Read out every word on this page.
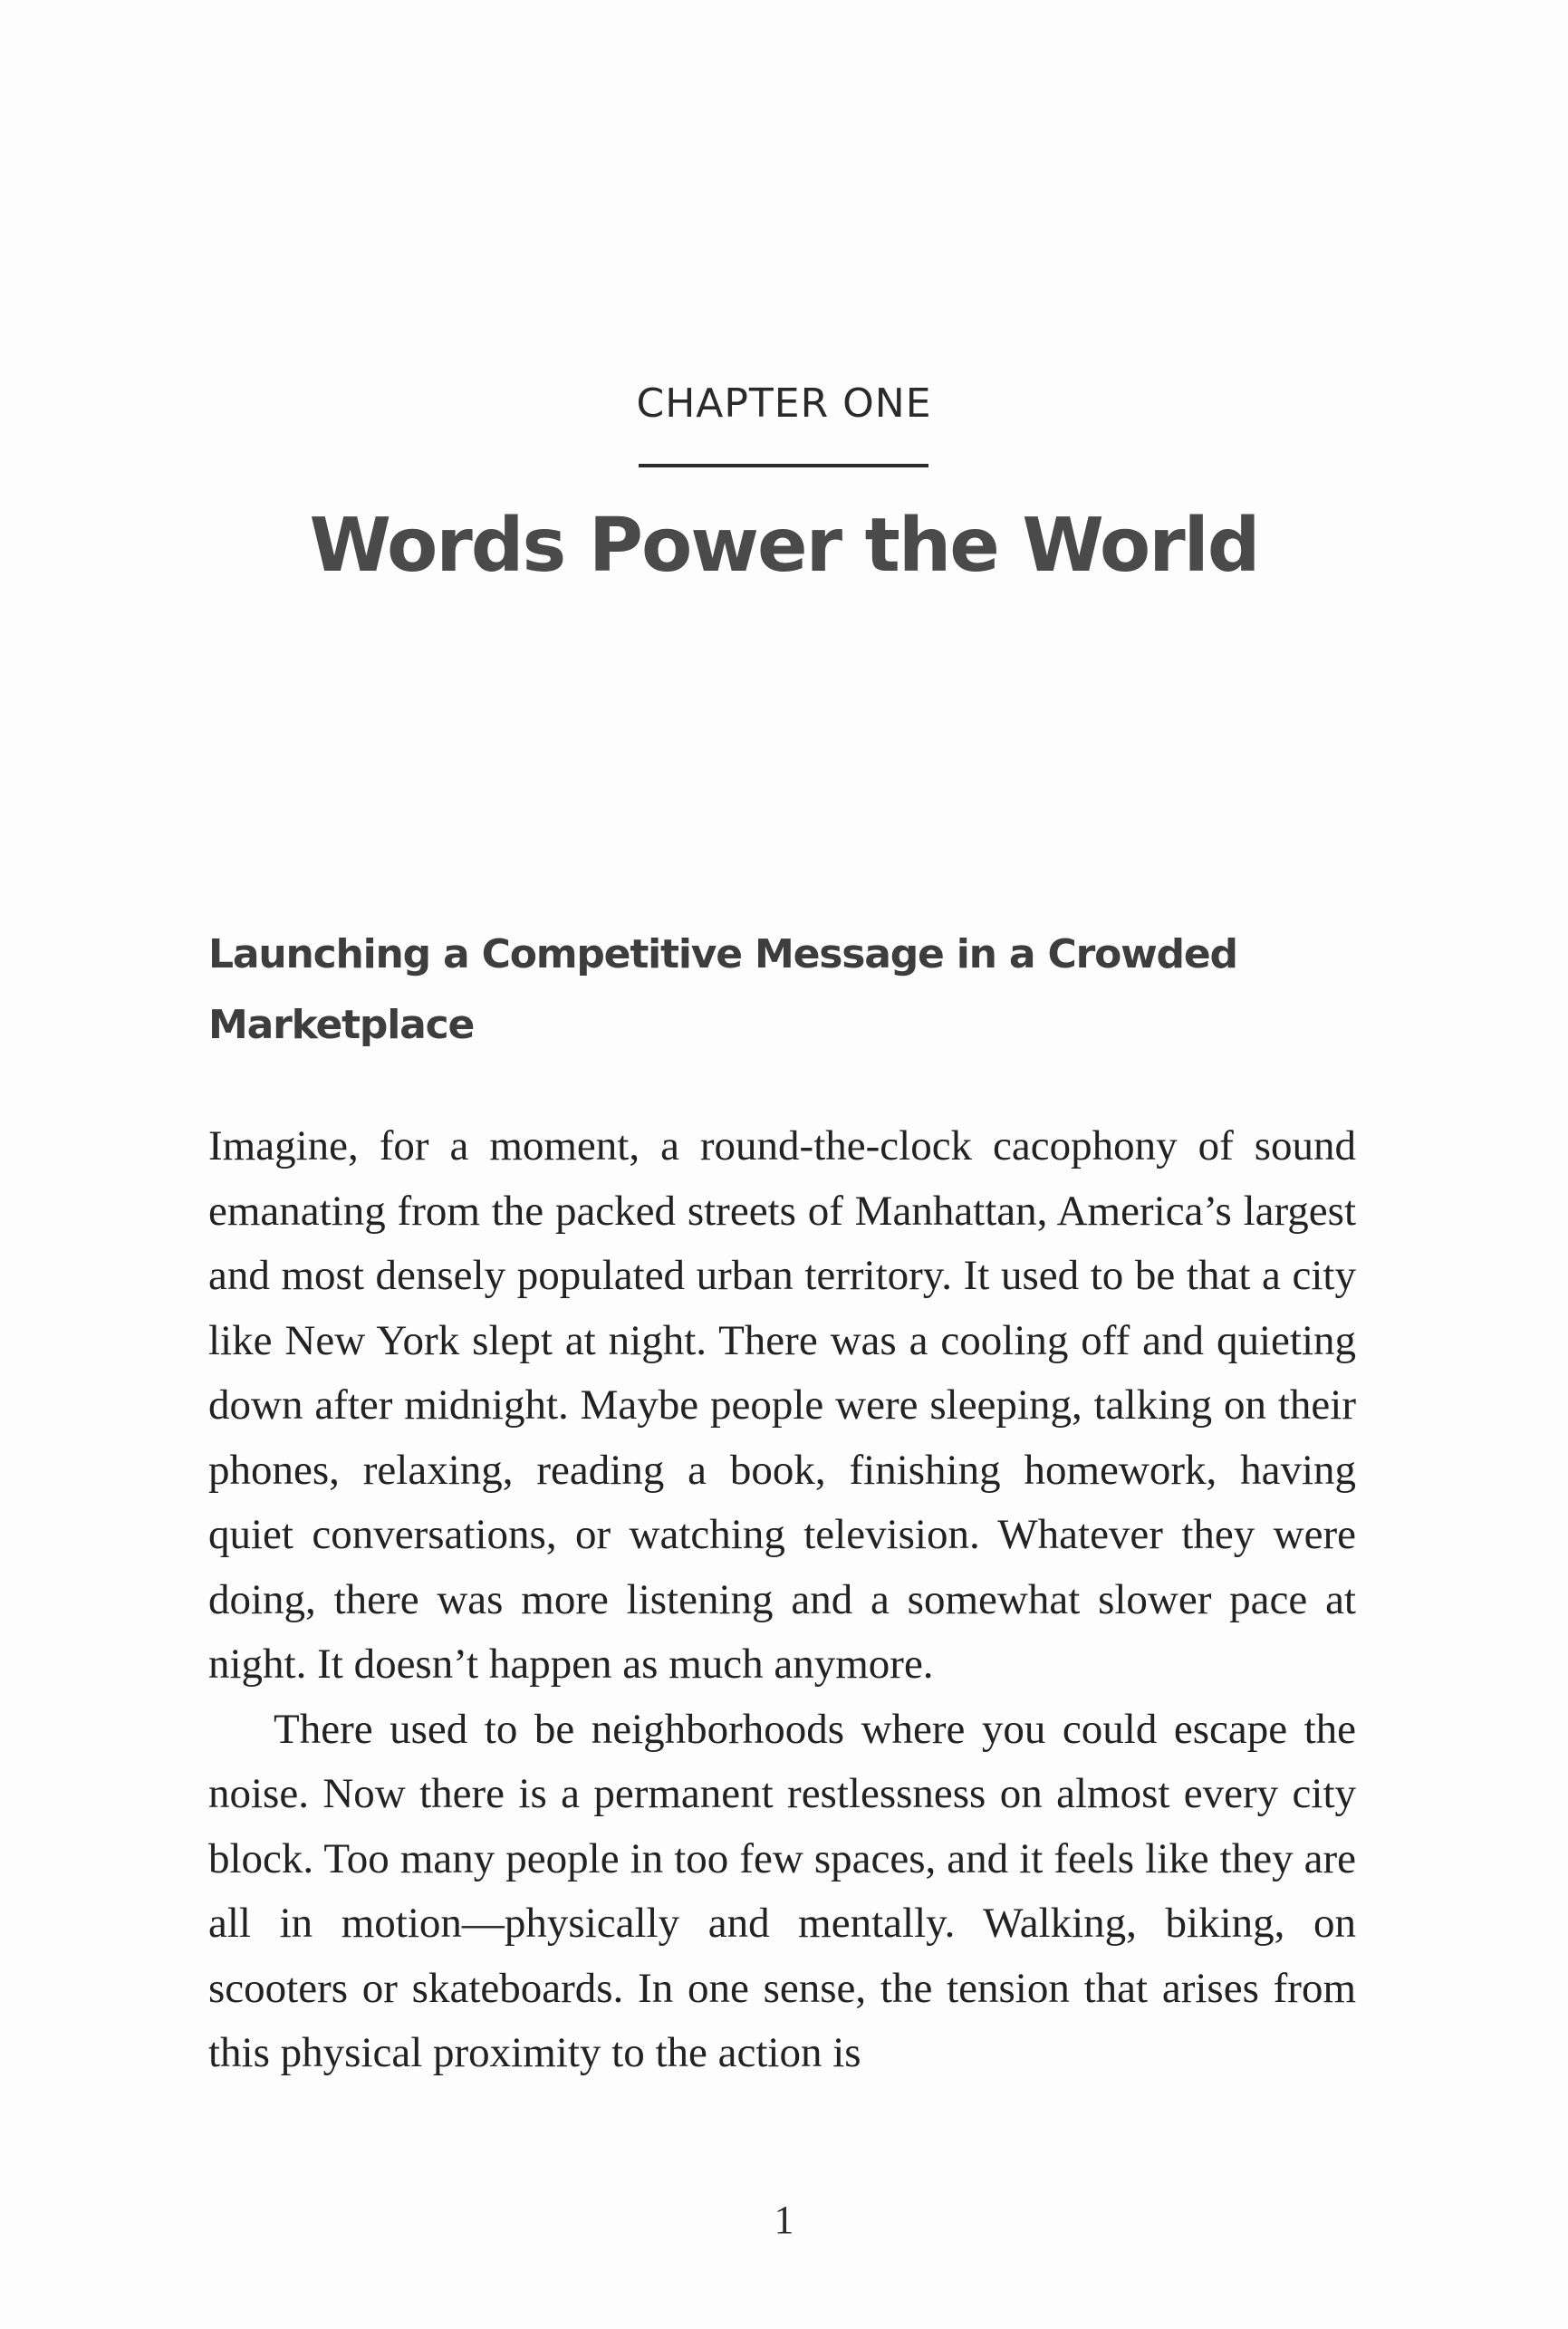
CHAPTER ONE
Words Power the World
Launching a Competitive Message in a Crowded Marketplace

Imagine, for a moment, a round-the-clock cacophony of sound emanating from the packed streets of Manhattan, America’s largest and most densely populated urban territory. It used to be that a city like New York slept at night. There was a cooling off and quieting down after midnight. Maybe people were sleeping, talking on their phones, relaxing, reading a book, finishing homework, having quiet conversations, or watching television. Whatever they were doing, there was more listening and a somewhat slower pace at night. It doesn’t happen as much anymore.

There used to be neighborhoods where you could escape the noise. Now there is a permanent restlessness on almost every city block. Too many people in too few spaces, and it feels like they are all in motion—physically and mentally. Walking, biking, on scooters or skateboards. In one sense, the tension that arises from this physical proximity to the action is

1
